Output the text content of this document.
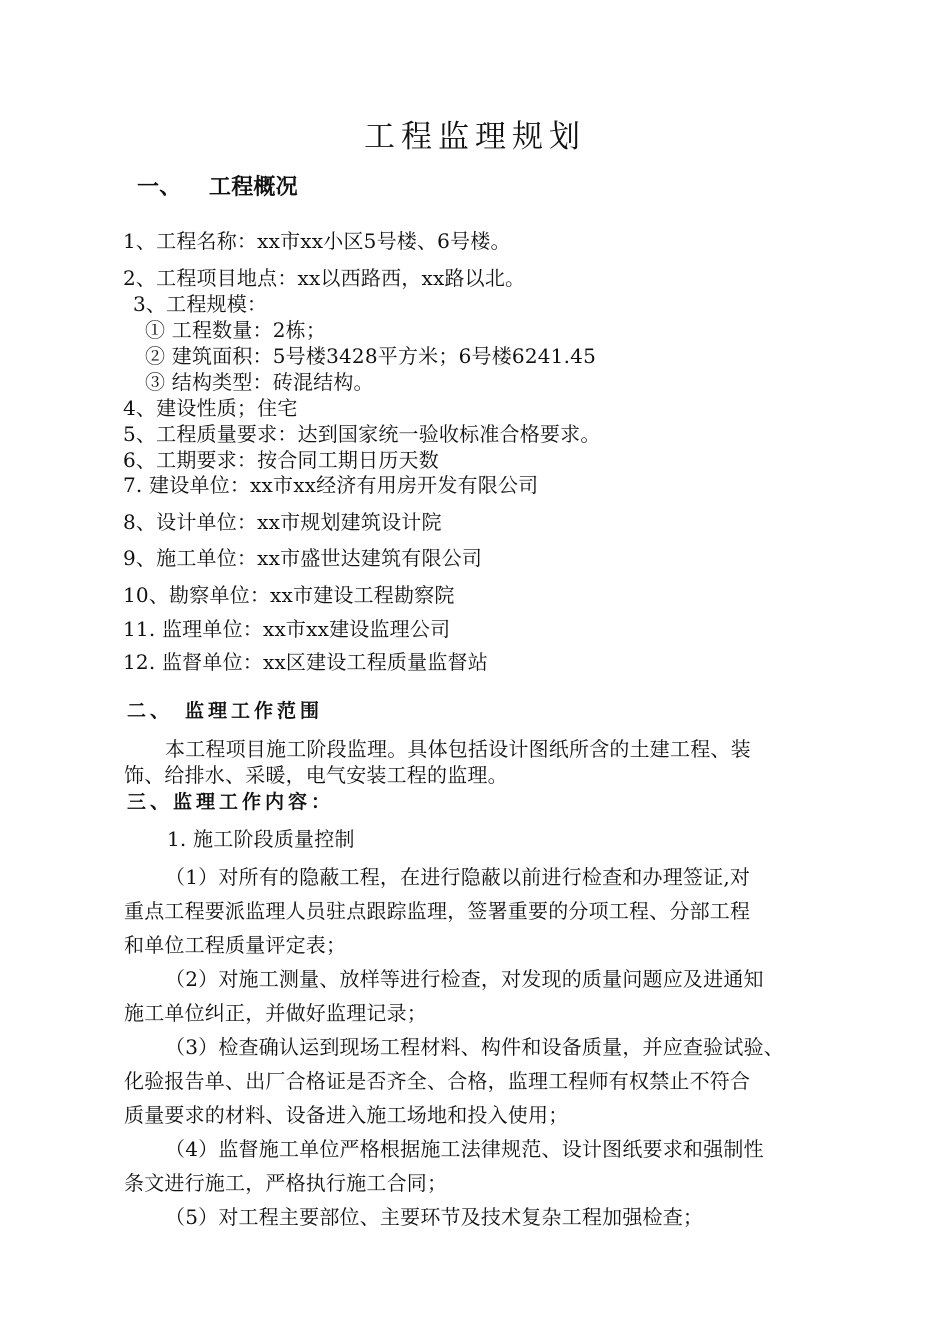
工程监理规划
一、 工程概况
1、工程名称：xx市xx小区5号楼、6号楼。
2、工程项目地点：xx以西路西，xx路以北。
3、工程规模：
① 工程数量：2栋；
② 建筑面积：5号楼3428平方米；6号楼6241.45
③ 结构类型：砖混结构。
4、建设性质；住宅
5、工程质量要求：达到国家统一验收标准合格要求。
6、工期要求：按合同工期日历天数
7. 建设单位：xx市xx经济有用房开发有限公司
8、设计单位：xx市规划建筑设计院
9、施工单位：xx市盛世达建筑有限公司
10、勘察单位：xx市建设工程勘察院
11. 监理单位：xx市xx建设监理公司
12. 监督单位：xx区建设工程质量监督站
二、 监理工作范围
本工程项目施工阶段监理。具体包括设计图纸所含的土建工程、装
饰、给排水、采暖，电气安装工程的监理。
三、监理工作内容：
1. 施工阶段质量控制
（1）对所有的隐蔽工程，在进行隐蔽以前进行检查和办理签证,对
重点工程要派监理人员驻点跟踪监理，签署重要的分项工程、分部工程
和单位工程质量评定表；
（2）对施工测量、放样等进行检查，对发现的质量问题应及进通知
施工单位纠正，并做好监理记录；
（3）检查确认运到现场工程材料、构件和设备质量，并应查验试验、
化验报告单、出厂合格证是否齐全、合格，监理工程师有权禁止不符合
质量要求的材料、设备进入施工场地和投入使用；
（4）监督施工单位严格根据施工法律规范、设计图纸要求和强制性
条文进行施工，严格执行施工合同；
（5）对工程主要部位、主要环节及技术复杂工程加强检查；
